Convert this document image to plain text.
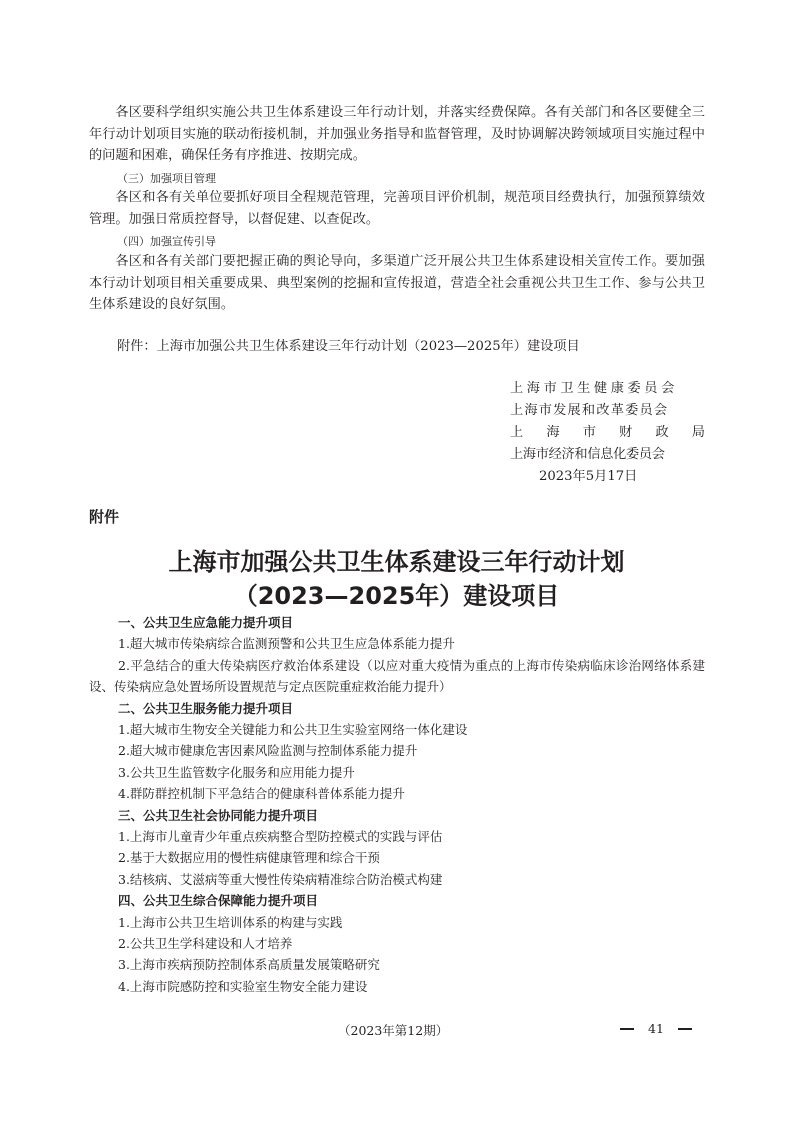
各区要科学组织实施公共卫生体系建设三年行动计划，并落实经费保障。各有关部门和各区要健全三年行动计划项目实施的联动衔接机制，并加强业务指导和监督管理，及时协调解决跨领域项目实施过程中的问题和困难，确保任务有序推进、按期完成。

（三）加强项目管理

各区和各有关单位要抓好项目全程规范管理，完善项目评价机制，规范项目经费执行，加强预算绩效管理。加强日常质控督导，以督促建、以查促改。

（四）加强宣传引导

各区和各有关部门要把握正确的舆论导向，多渠道广泛开展公共卫生体系建设相关宣传工作。要加强本行动计划项目相关重要成果、典型案例的挖掘和宣传报道，营造全社会重视公共卫生工作、参与公共卫生体系建设的良好氛围。

附件：上海市加强公共卫生体系建设三年行动计划（2023—2025年）建设项目

上海市卫生健康委员会
上海市发展和改革委员会
上 海 市 财 政 局
上海市经济和信息化委员会
2023年5月17日

附件

上海市加强公共卫生体系建设三年行动计划

（2023—2025年）建设项目

一、公共卫生应急能力提升项目
1.超大城市传染病综合监测预警和公共卫生应急体系能力提升
2.平急结合的重大传染病医疗救治体系建设（以应对重大疫情为重点的上海市传染病临床诊治网络体系建设、传染病应急处置场所设置规范与定点医院重症救治能力提升）
二、公共卫生服务能力提升项目
1.超大城市生物安全关键能力和公共卫生实验室网络一体化建设
2.超大城市健康危害因素风险监测与控制体系能力提升
3.公共卫生监管数字化服务和应用能力提升
4.群防群控机制下平急结合的健康科普体系能力提升
三、公共卫生社会协同能力提升项目
1.上海市儿童青少年重点疾病整合型防控模式的实践与评估
2.基于大数据应用的慢性病健康管理和综合干预
3.结核病、艾滋病等重大慢性传染病精准综合防治模式构建
四、公共卫生综合保障能力提升项目
1.上海市公共卫生培训体系的构建与实践
2.公共卫生学科建设和人才培养
3.上海市疾病预防控制体系高质量发展策略研究
4.上海市院感防控和实验室生物安全能力建设

（2023年第12期）	41
